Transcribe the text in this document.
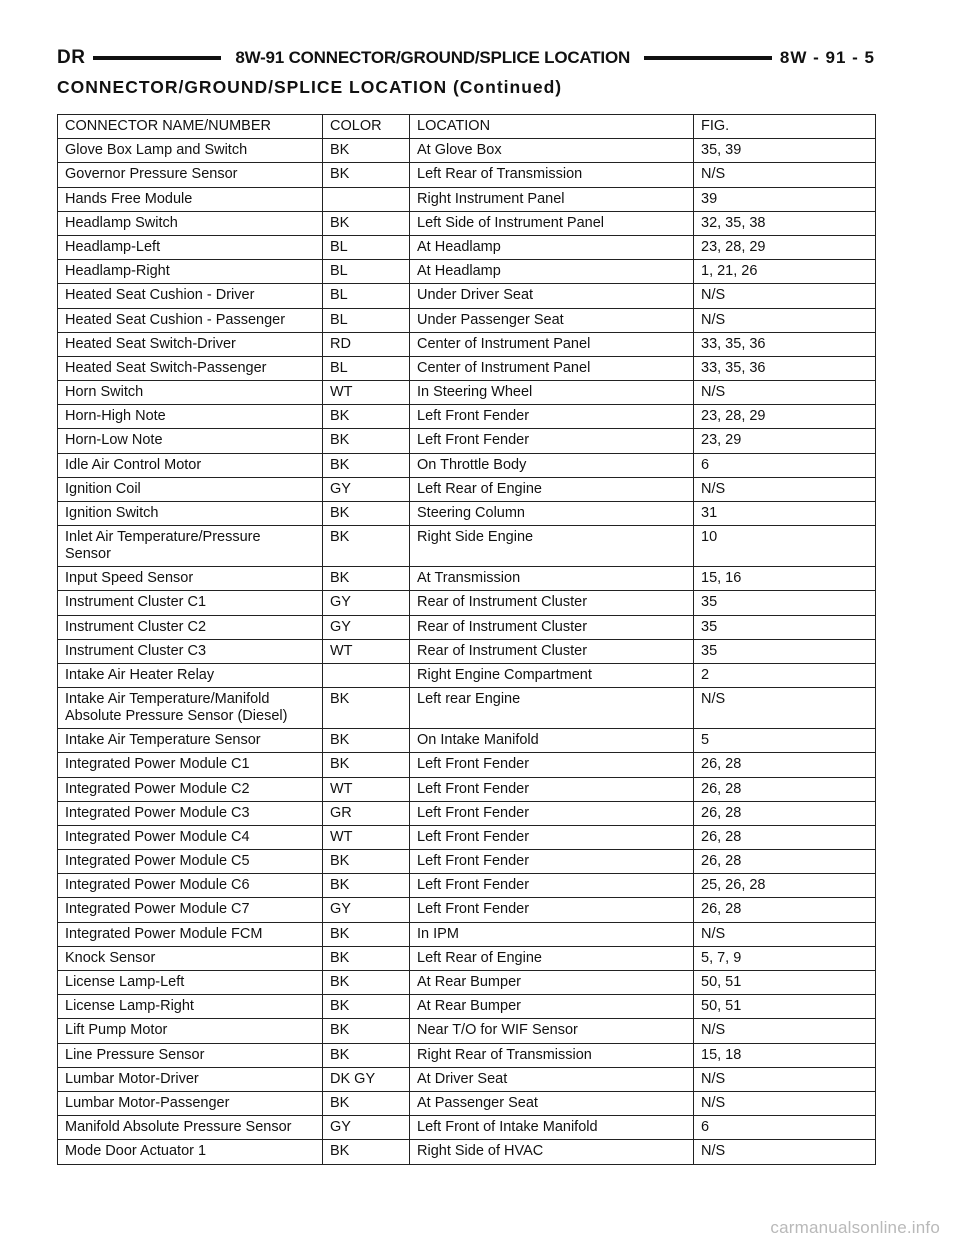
DR	8W-91 CONNECTOR/GROUND/SPLICE LOCATION	8W - 91 - 5
CONNECTOR/GROUND/SPLICE LOCATION (Continued)
CONNECTOR NAME/NUMBER	COLOR	LOCATION	FIG.
Glove Box Lamp and Switch	BK	At Glove Box	35, 39
Governor Pressure Sensor	BK	Left Rear of Transmission	N/S
Hands Free Module		Right Instrument Panel	39
Headlamp Switch	BK	Left Side of Instrument Panel	32, 35, 38
Headlamp-Left	BL	At Headlamp	23, 28, 29
Headlamp-Right	BL	At Headlamp	1, 21, 26
Heated Seat Cushion - Driver	BL	Under Driver Seat	N/S
Heated Seat Cushion - Passenger	BL	Under Passenger Seat	N/S
Heated Seat Switch-Driver	RD	Center of Instrument Panel	33, 35, 36
Heated Seat Switch-Passenger	BL	Center of Instrument Panel	33, 35, 36
Horn Switch	WT	In Steering Wheel	N/S
Horn-High Note	BK	Left Front Fender	23, 28, 29
Horn-Low Note	BK	Left Front Fender	23, 29
Idle Air Control Motor	BK	On Throttle Body	6
Ignition Coil	GY	Left Rear of Engine	N/S
Ignition Switch	BK	Steering Column	31
Inlet Air Temperature/Pressure
Sensor	BK	Right Side Engine	10
Input Speed Sensor	BK	At Transmission	15, 16
Instrument Cluster C1	GY	Rear of Instrument Cluster	35
Instrument Cluster C2	GY	Rear of Instrument Cluster	35
Instrument Cluster C3	WT	Rear of Instrument Cluster	35
Intake Air Heater Relay		Right Engine Compartment	2
Intake Air Temperature/Manifold
Absolute Pressure Sensor (Diesel)	BK	Left rear Engine	N/S
Intake Air Temperature Sensor	BK	On Intake Manifold	5
Integrated Power Module C1	BK	Left Front Fender	26, 28
Integrated Power Module C2	WT	Left Front Fender	26, 28
Integrated Power Module C3	GR	Left Front Fender	26, 28
Integrated Power Module C4	WT	Left Front Fender	26, 28
Integrated Power Module C5	BK	Left Front Fender	26, 28
Integrated Power Module C6	BK	Left Front Fender	25, 26, 28
Integrated Power Module C7	GY	Left Front Fender	26, 28
Integrated Power Module FCM	BK	In IPM	N/S
Knock Sensor	BK	Left Rear of Engine	5, 7, 9
License Lamp-Left	BK	At Rear Bumper	50, 51
License Lamp-Right	BK	At Rear Bumper	50, 51
Lift Pump Motor	BK	Near T/O for WIF Sensor	N/S
Line Pressure Sensor	BK	Right Rear of Transmission	15, 18
Lumbar Motor-Driver	DK GY	At Driver Seat	N/S
Lumbar Motor-Passenger	BK	At Passenger Seat	N/S
Manifold Absolute Pressure Sensor	GY	Left Front of Intake Manifold	6
Mode Door Actuator 1	BK	Right Side of HVAC	N/S
carmanualsonline.info
